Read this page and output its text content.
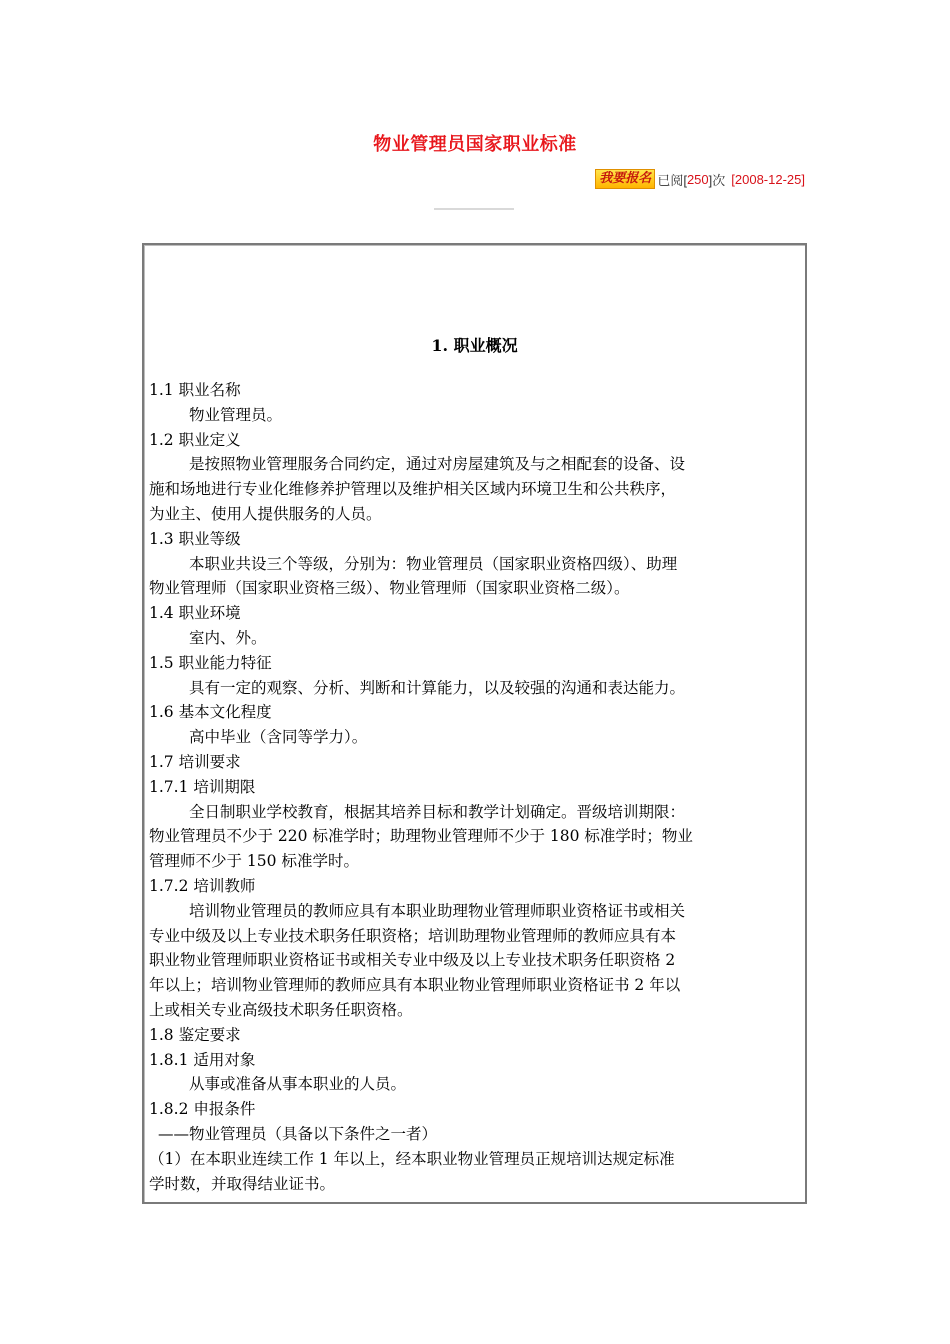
物业管理员国家职业标准
我要报名 已阅[ 250 ]次 [2008-12-25]
1. 职业概况
1.1 职业名称
物业管理员。
1.2 职业定义
是按照物业管理服务合同约定，通过对房屋建筑及与之相配套的设备、设
施和场地进行专业化维修养护管理以及维护相关区域内环境卫生和公共秩序，
为业主、使用人提供服务的人员。
1.3 职业等级
本职业共设三个等级，分别为：物业管理员（国家职业资格四级）、助理
物业管理师（国家职业资格三级）、物业管理师（国家职业资格二级）。
1.4 职业环境
室内、外。
1.5 职业能力特征
具有一定的观察、分析、判断和计算能力，以及较强的沟通和表达能力。
1.6 基本文化程度
高中毕业（含同等学力）。
1.7 培训要求
1.7.1 培训期限
全日制职业学校教育，根据其培养目标和教学计划确定。晋级培训期限：
物业管理员不少于 220 标准学时；助理物业管理师不少于 180 标准学时；物业
管理师不少于 150 标准学时。
1.7.2 培训教师
培训物业管理员的教师应具有本职业助理物业管理师职业资格证书或相关
专业中级及以上专业技术职务任职资格；培训助理物业管理师的教师应具有本
职业物业管理师职业资格证书或相关专业中级及以上专业技术职务任职资格 2
年以上；培训物业管理师的教师应具有本职业物业管理师职业资格证书 2 年以
上或相关专业高级技术职务任职资格。
1.8 鉴定要求
1.8.1 适用对象
从事或准备从事本职业的人员。
1.8.2 申报条件
——物业管理员（具备以下条件之一者）
（1）在本职业连续工作 1 年以上，经本职业物业管理员正规培训达规定标准
学时数，并取得结业证书。
